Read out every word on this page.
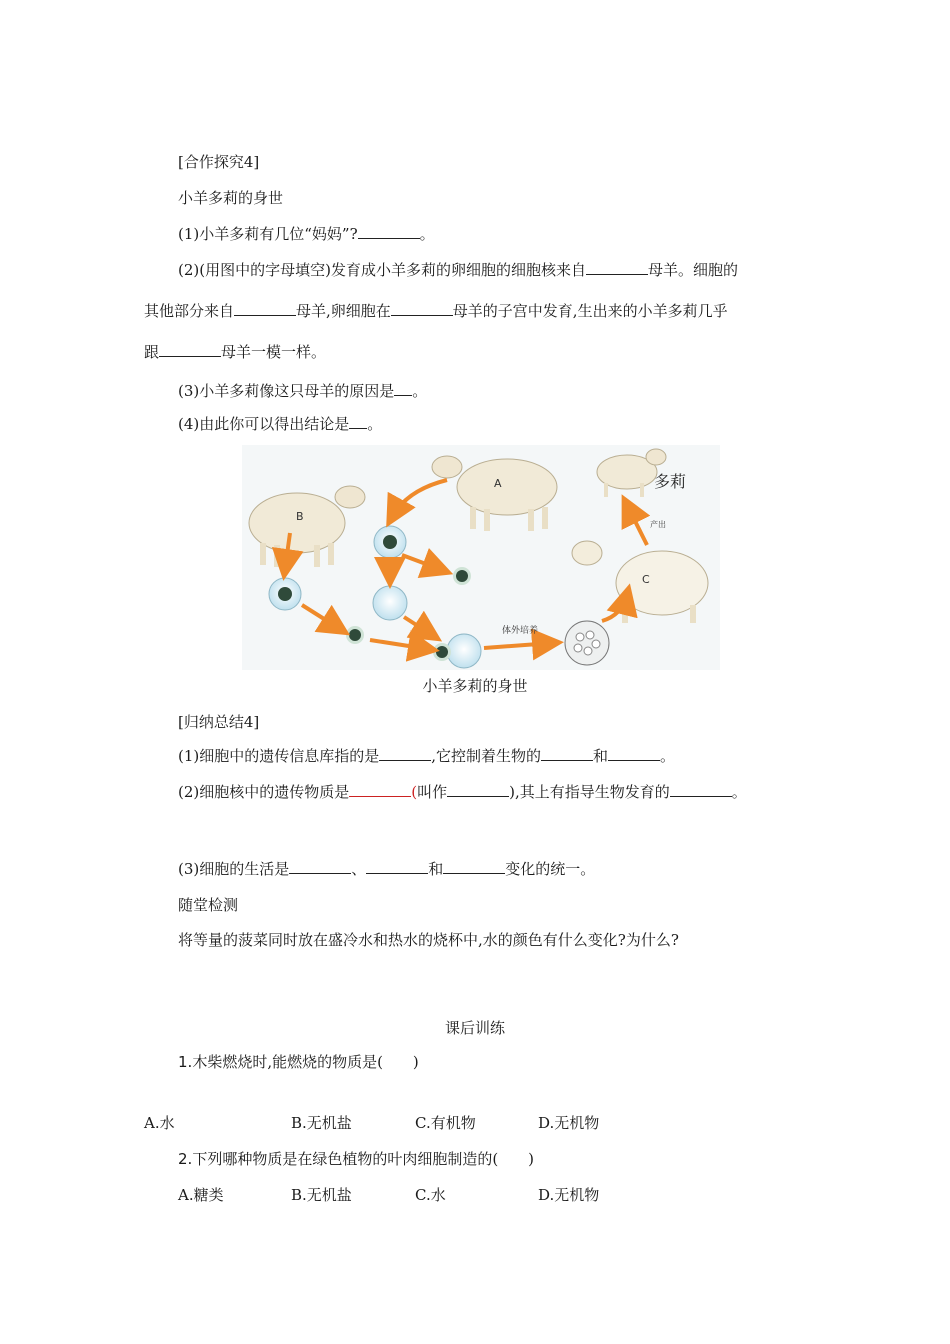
[合作探究4]
小羊多莉的身世
(1)小羊多莉有几位“妈妈”?	。
(2)(用图中的字母填空)发育成小羊多莉的卵细胞的细胞核来自	母羊。细胞的
其他部分来自	母羊,卵细胞在	母羊的子宫中发育,生出来的小羊多莉几乎
跟	母羊一模一样。
(3)小羊多莉像这只母羊的原因是 。
(4)由此你可以得出结论是 。
B
A	多莉
C
体外培养
产出
小羊多莉的身世
[归纳总结4]
(1)细胞中的遗传信息库指的是	,它控制着生物的	和	。
(2)细胞核中的遗传物质是	(叫作	),其上有指导生物发育的	。
(3)细胞的生活是	、	和	变化的统一。
随堂检测
将等量的菠菜同时放在盛冷水和热水的烧杯中,水的颜色有什么变化?为什么?
课后训练
1.木柴燃烧时,能燃烧的物质是(　　)
A.水	B.无机盐	C.有机物	D.无机物
2.下列哪种物质是在绿色植物的叶肉细胞制造的(　　)
A.糖类	B.无机盐	C.水	D.无机物
